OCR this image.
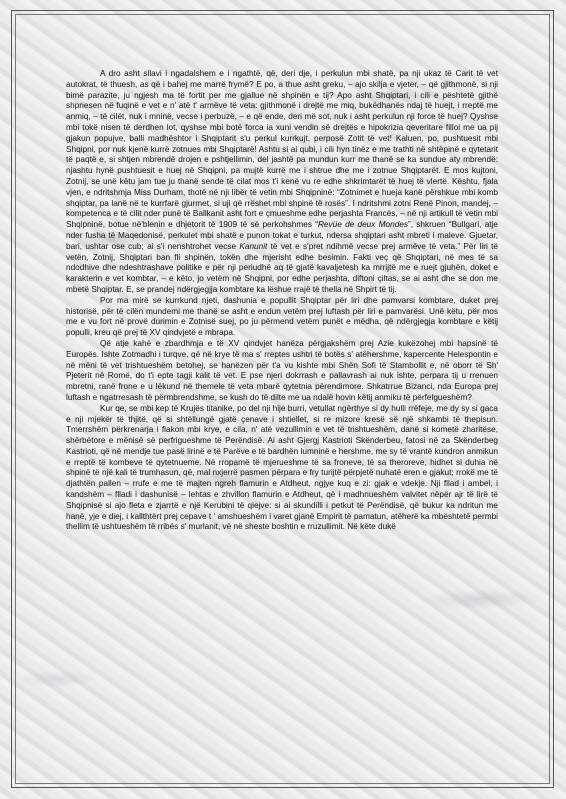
A dro asht sllavi i ngadalshem e i ngathtë, që, deri dje, i perkulun mbi shatë, pa nji ukaz të Carit të vet autokrat, të thuesh, as që i bahej me marrë frymë? E po, a thue asht greku, – ajo skilja e vjeter, – që gjithmonë, si nji bimë parazite, ju ngjesh ma të fortit per me gjallue në shpinën e tij? Apo asht Shqiptari, i cili e pështetë gjithë shpnesen në fuqinë e vet e n' atë t' armëve të veta: gjithmonë i drejtë me miq, bukëdhanës ndaj të huejt, i rreptë me anmiq, – të cilët, nuk i mninë, vecse i perbuzë, – e që ende, deri më sot, nuk i asht perkulun nji force të huej? Qyshse mbi tokë nisen të derdhen lot, qyshse mbi botë forca ia xuni vendin së drejtës e hipokrizia qeveritare filloi me ua pij gjakun popujve, balli madhështor i Shqiptarit s'u perkul kurrkujt, perposë Zotit të vet! Kaluen, po, pushtuesit mbi Shqipni, por nuk kjenë kurrë zotnues mbi Shqiptarë! Ashtu si ai qubi, i cili hyn tinëz e me trathti në shtëpinë e qytetarit të paqtë e, si shtjen mbrendë drojen e pshtjellimin, del jashtë pa mundun kurr me thanë se ka sundue aty mbrendë: njashtu hynë pushtuesit e huej në Shqipni, pa mujtë kurrë me i shtrue dhe me i zotnue Shqiptarët. E mos kujtoni, Zotnij, se unë këtu jam tue ju thanë sende të cilat mos t'i kenë vu re edhe shkrimtarët të huej të vlertë. Kështu, fjala vjen, e ndritshmja Miss Durham, thotë në nji libër të vetin mbi Shqipninë: “Zotnimet e hueja kanë përshkue mbi komb shqiptar, pa lanë në te kurrfarë gjurmet, si uji që rrëshet mbi shpinë të rosës”. I ndritshmi zotni Renë Pinon, mandej, – kompetenca e të cilit nder punë të Ballkanit asht fort e çmueshme edhe perjashta Francës, – në nji artikull të vetin mbi Shqipninë, botue në'blenin e dhjetorit të 1909 të së perkohshmes “Revüe de deux Mondes”, shkruen “Bullgari, atje nder fusha të Maqedonisë, perkulet mbi shatë e punon tokat e turkut, ndersa shqiptari asht mbreti i maleve. Gjuetar, bari, ushtar ose cub; ai s'i nenshtrohet vecse Kanunit të vet e s'pret ndihmë vecse prej armëve të veta.” Për liri të vetën, Zotnij, Shqiptari ban fli shpinën, tokën dhe mjerisht edhe besimin. Fakti veç që Shqiptari, në mes të sa ndodhive dhe ndeshtrashave politike e për nji periudhë aq të gjatë kavaljetesh ka mrrijtë me e ruejt gjuhën, doket e karakterin e vet kombtar, – e këto, jo vetëm në Shqipni, por edhe perjashta, diftoni çiltas, se ai asht dhe se don me mbetë Shqiptar. E, se prandej ndërgjegjja kombtare ka lëshue rrajë të thella në Shpirt të tij.

Por ma mirë se kurrkund njeti, dashunia e popullit Shqiptar për liri dhe pamvarsi kombtare, duket prej historisë, për të cilën mundemi me thanë se asht e endun vetëm prej luftash për liri e pamvarësi. Unë këtu, për mos me e vu fort në provë durimin e Zotnisë suej, po ju përmend vetëm punët e mëdha, që ndërgjegja kombtare e këtij populli, kreu që prej të XV qindvjetë e mbrapa.

Që atje kahë e zbardhmja e të XV qindvjet hanëza përgjakshëm prej Azie kukëzohej mbi hapsinë të Europës. Ishte Zotmadhi i turqve, që në krye të ma s' rreptes ushtri të botës s' atëhershme, kapercente Helespontin e në mëni të vet trishtueshëm betohej, se hanëzen për t'a vu kishte mbi Shën Sofi të Stambollit e, në oborr të Sh' Pjeterit në Romë, do t'i epte tagji kalit të vet. E pse njeri dokrrash e pallavrash ai nuk ishte, perpara tij u rrenuen mbretni, ranë frone e u lëkund në themele të veta mbarë qytetnia përendimore. Shkatrrue Bizanci, nda Europa prej luftash e ngatrresash të përmbrendshme, se kush do të dilte me ua ndalë hovin këtij anmiku të përfelgueshëm?

Kur qe, se mbi kep të Krujës titanike, po del nji hije burri, vetullat ngërthye si dy hulli rrëfeje, me dy sy si gaca e nji mjekër të thjitë, që si shtëllungë gjatë çenave i shtiellet, si re mizore kresë së një shkambi të thepisun. Tmerrshëm përkrenarja i flakon mbi krye, e cila, n' atë vezullimin e vet të trishtueshëm, danë si kometë zharitëse, shërbëtore e mënisë së perfrigueshme të Perëndisë. Ai asht Gjergj Kastrioti Skënderbeu, fatosi në za Skënderbeg Kastrioti, që në mendje tue pasë lirinë e të Parëve e të bardhën lumninë e hershme, me sy të vrantë kundron anmikun e rreptë të kombeve të qytetnueme. Në rropamë të mjerueshme të sa froneve, të sa theroreve, hidhet si duhia në shpinë të një kali të trumhasun, që, mal nxjerrë pasmen përpara e fry turijtë përpjetë nuhatë eren e gjakut; rrokë me të djathtën pallen – rrufe e me të majten ngreh flamurin e Atdheut, ngjye kuq e zi: gjak e vdekje. Nji fllad i ambel, i kandshëm – flladi i dashunisë – lehtas e zhvillon flamurin e Atdheut, që i madhnueshëm valvitet nëpër ajr të lirë të Shqipnisë si ajo fleta e zjarrtë e një Kerubini të qiejve: si ai skundilli i petkut të Perëndisë, që bukur ka ndritun me hanë, yje e diej, i kallthtërt prej cepave t ' amshueshëm i varet gjanë Empirit të pamatun, atëherë ka mbështetë permbi thellim të ushtueshëm të rribës s' murlanit, vë në sheste boshtin e rruzullimit. Në këte dukë
